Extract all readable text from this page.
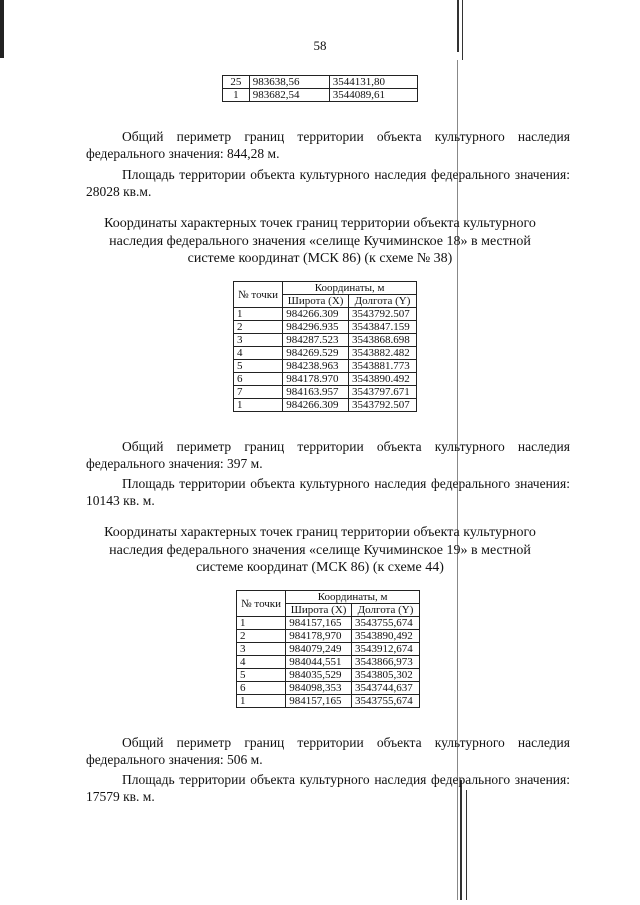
58
25	983638,56	3544131,80
1	983682,54	3544089,61
Общий периметр границ территории объекта культурного наследия федерального значения: 844,28 м.
Площадь территории объекта культурного наследия федерального значения: 28028 кв.м.
Координаты характерных точек границ территории объекта культурного
наследия федерального значения «селище Кучиминское 18» в местной
системе координат (МСК 86) (к схеме № 38)
№ точки	Координаты, м	
	Широта (X)	Долгота (Y)
1	984266.309	3543792.507
2	984296.935	3543847.159
3	984287.523	3543868.698
4	984269.529	3543882.482
5	984238.963	3543881.773
6	984178.970	3543890.492
7	984163.957	3543797.671
1	984266.309	3543792.507
Общий периметр границ территории объекта культурного наследия федерального значения: 397 м.
Площадь территории объекта культурного наследия федерального значения: 10143 кв. м.
Координаты характерных точек границ территории объекта культурного
наследия федерального значения «селище Кучиминское 19» в местной
системе координат (МСК 86) (к схеме 44)
№ точки	Координаты, м	
	Широта (X)	Долгота (Y)
1	984157,165	3543755,674
2	984178,970	3543890,492
3	984079,249	3543912,674
4	984044,551	3543866,973
5	984035,529	3543805,302
6	984098,353	3543744,637
1	984157,165	3543755,674
Общий периметр границ территории объекта культурного наследия федерального значения: 506 м.
Площадь территории объекта культурного наследия федерального значения: 17579 кв. м.
